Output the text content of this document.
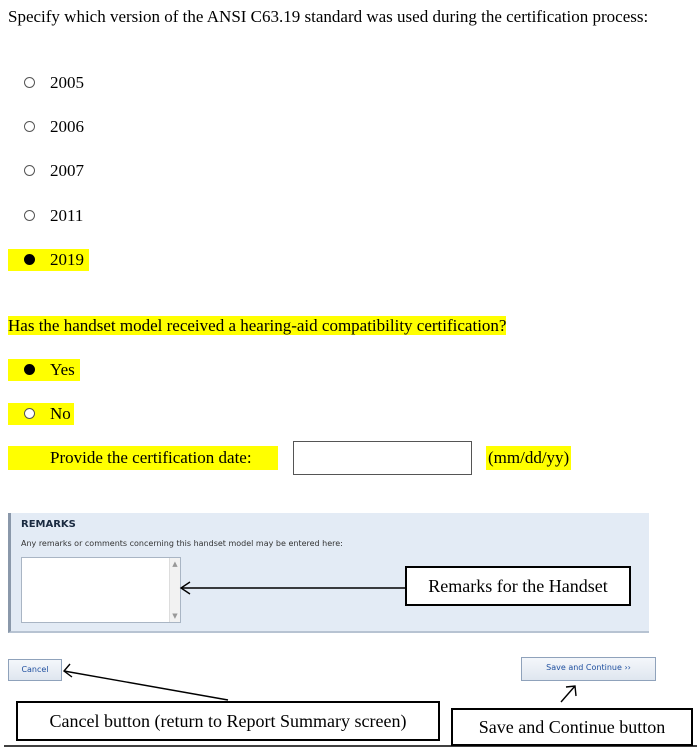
Specify which version of the ANSI C63.19 standard was used during the certification process:
2005
2006
2007
2011
2019
Has the handset model received a hearing-aid compatibility certification?
Yes
No
Provide the certification date:	(mm/dd/yy)
REMARKS
Any remarks or comments concerning this handset model may be entered here:
▲
▼
Cancel	Save and Continue ››
Remarks for the Handset
Cancel button (return to Report Summary screen)	Save and Continue button
